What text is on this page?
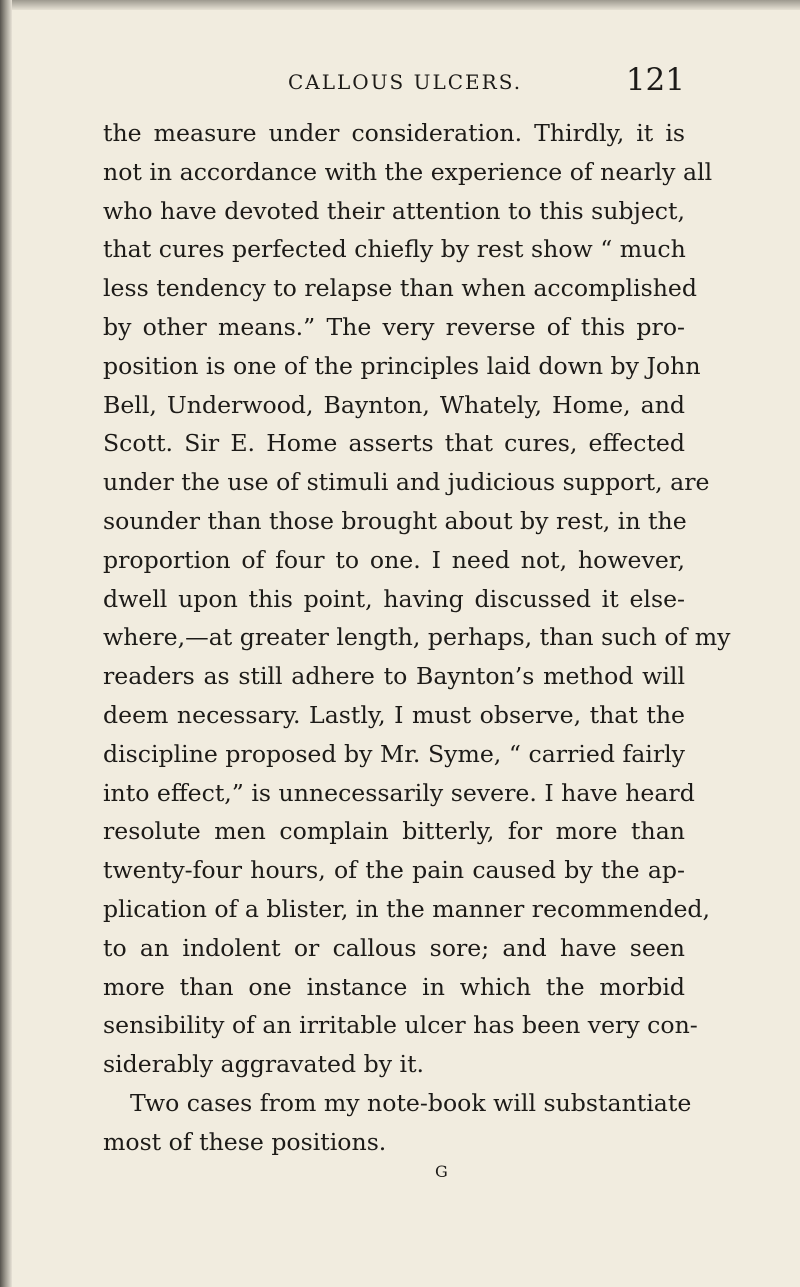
CALLOUS ULCERS.	121
the measure under consideration. Thirdly, it is
not in accordance with the experience of nearly all
who have devoted their attention to this subject,
that cures perfected chiefly by rest show “ much
less tendency to relapse than when accomplished
by other means.” The very reverse of this pro-
position is one of the principles laid down by John
Bell, Underwood, Baynton, Whately, Home, and
Scott. Sir E. Home asserts that cures, effected
under the use of stimuli and judicious support, are
sounder than those brought about by rest, in the
proportion of four to one. I need not, however,
dwell upon this point, having discussed it else-
where,—at greater length, perhaps, than such of my
readers as still adhere to Baynton’s method will
deem necessary. Lastly, I must observe, that the
discipline proposed by Mr. Syme, “ carried fairly
into effect,” is unnecessarily severe. I have heard
resolute men complain bitterly, for more than
twenty-four hours, of the pain caused by the ap-
plication of a blister, in the manner recommended,
to an indolent or callous sore; and have seen
more than one instance in which the morbid
sensibility of an irritable ulcer has been very con-
siderably aggravated by it.
Two cases from my note-book will substantiate
most of these positions.
G
